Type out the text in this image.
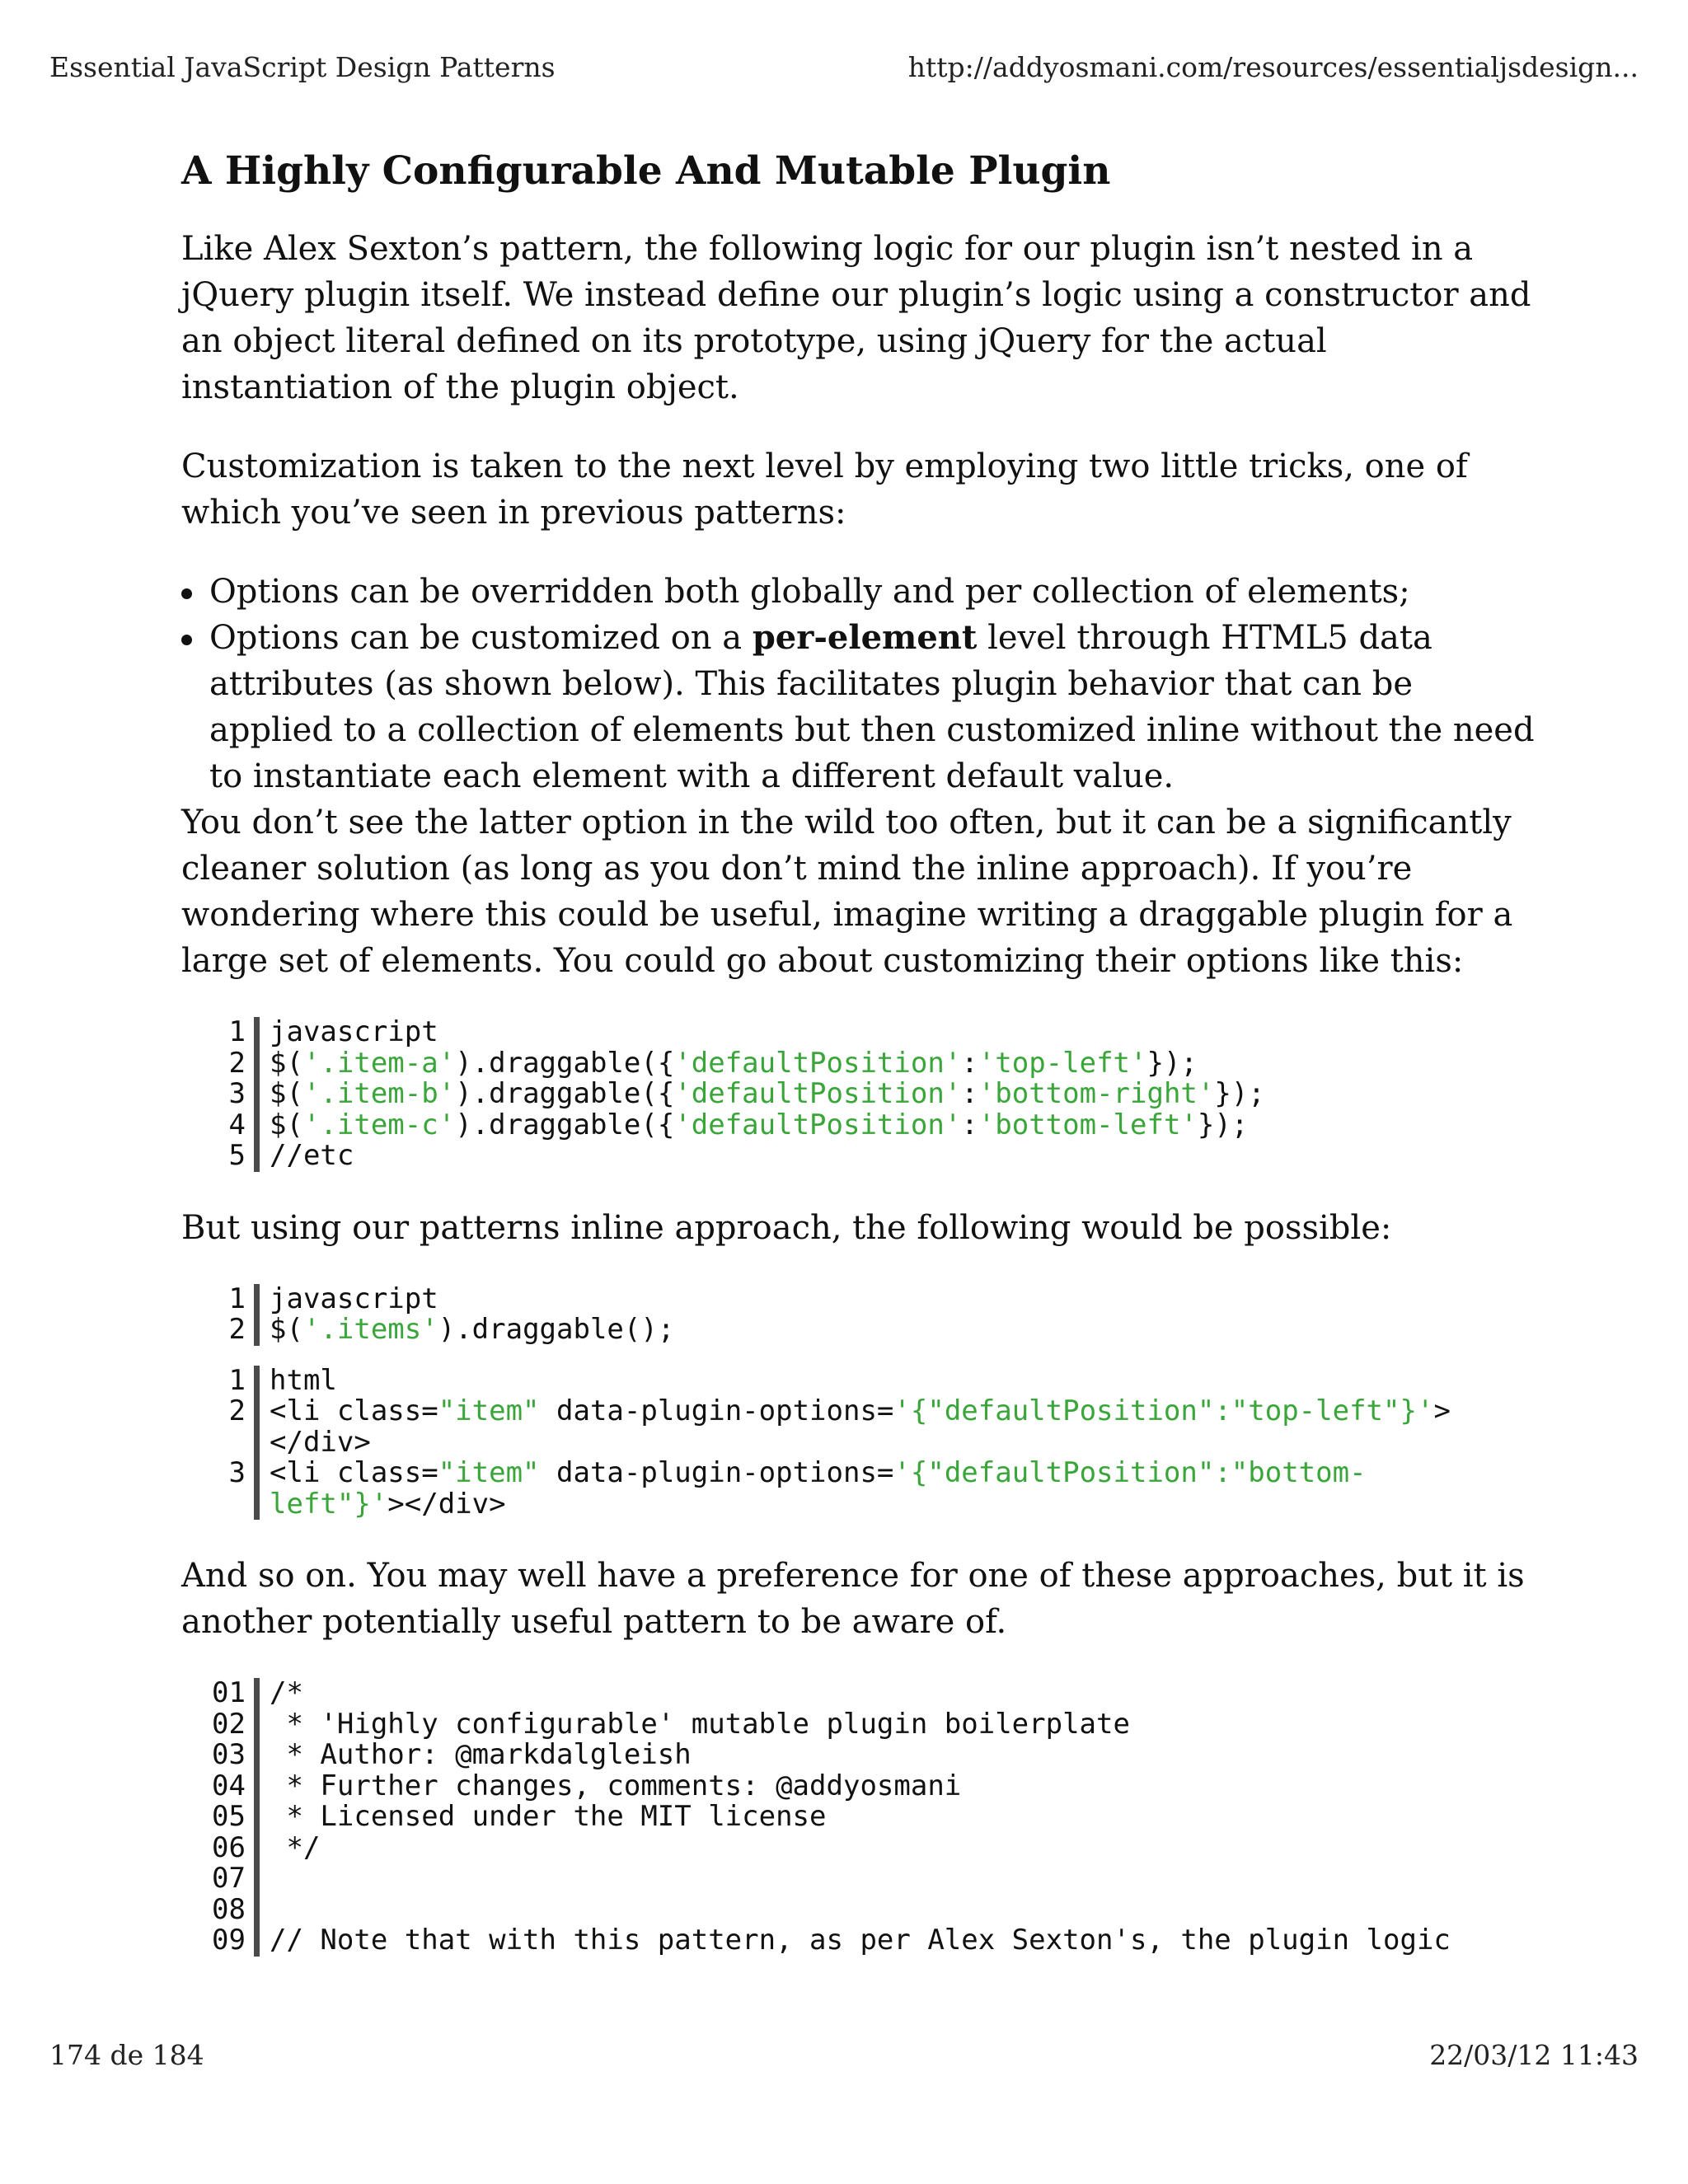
Essential JavaScript Design Patterns	http://addyosmani.com/resources/essentialjsdesign...
A Highly Configurable And Mutable Plugin

Like Alex Sexton’s pattern, the following logic for our plugin isn’t nested in a jQuery plugin itself. We instead define our plugin’s logic using a constructor and an object literal defined on its prototype, using jQuery for the actual instantiation of the plugin object.

Customization is taken to the next level by employing two little tricks, one of which you’ve seen in previous patterns:

Options can be overridden both globally and per collection of elements;
Options can be customized on a per-element level through HTML5 data attributes (as shown below). This facilitates plugin behavior that can be applied to a collection of elements but then customized inline without the need to instantiate each element with a different default value.

You don’t see the latter option in the wild too often, but it can be a significantly cleaner solution (as long as you don’t mind the inline approach). If you’re wondering where this could be useful, imagine writing a draggable plugin for a large set of elements. You could go about customizing their options like this:

1 javascript
2 $('.item-a').draggable({'defaultPosition':'top-left'});
3 $('.item-b').draggable({'defaultPosition':'bottom-right'});
4 $('.item-c').draggable({'defaultPosition':'bottom-left'});
5 //etc

But using our patterns inline approach, the following would be possible:

1 javascript
2 $('.items').draggable();
1 html
2 <li class="item" data-plugin-options='{"defaultPosition":"top-left"}'>
</div>
3 <li class="item" data-plugin-options='{"defaultPosition":"bottom-
left"}'></div>

And so on. You may well have a preference for one of these approaches, but it is another potentially useful pattern to be aware of.

01 /*
02 * 'Highly configurable' mutable plugin boilerplate
03 * Author: @markdalgleish
04 * Further changes, comments: @addyosmani
05 * Licensed under the MIT license
06 */
07

08

09 // Note that with this pattern, as per Alex Sexton's, the plugin logic
174 de 184	22/03/12 11:43
